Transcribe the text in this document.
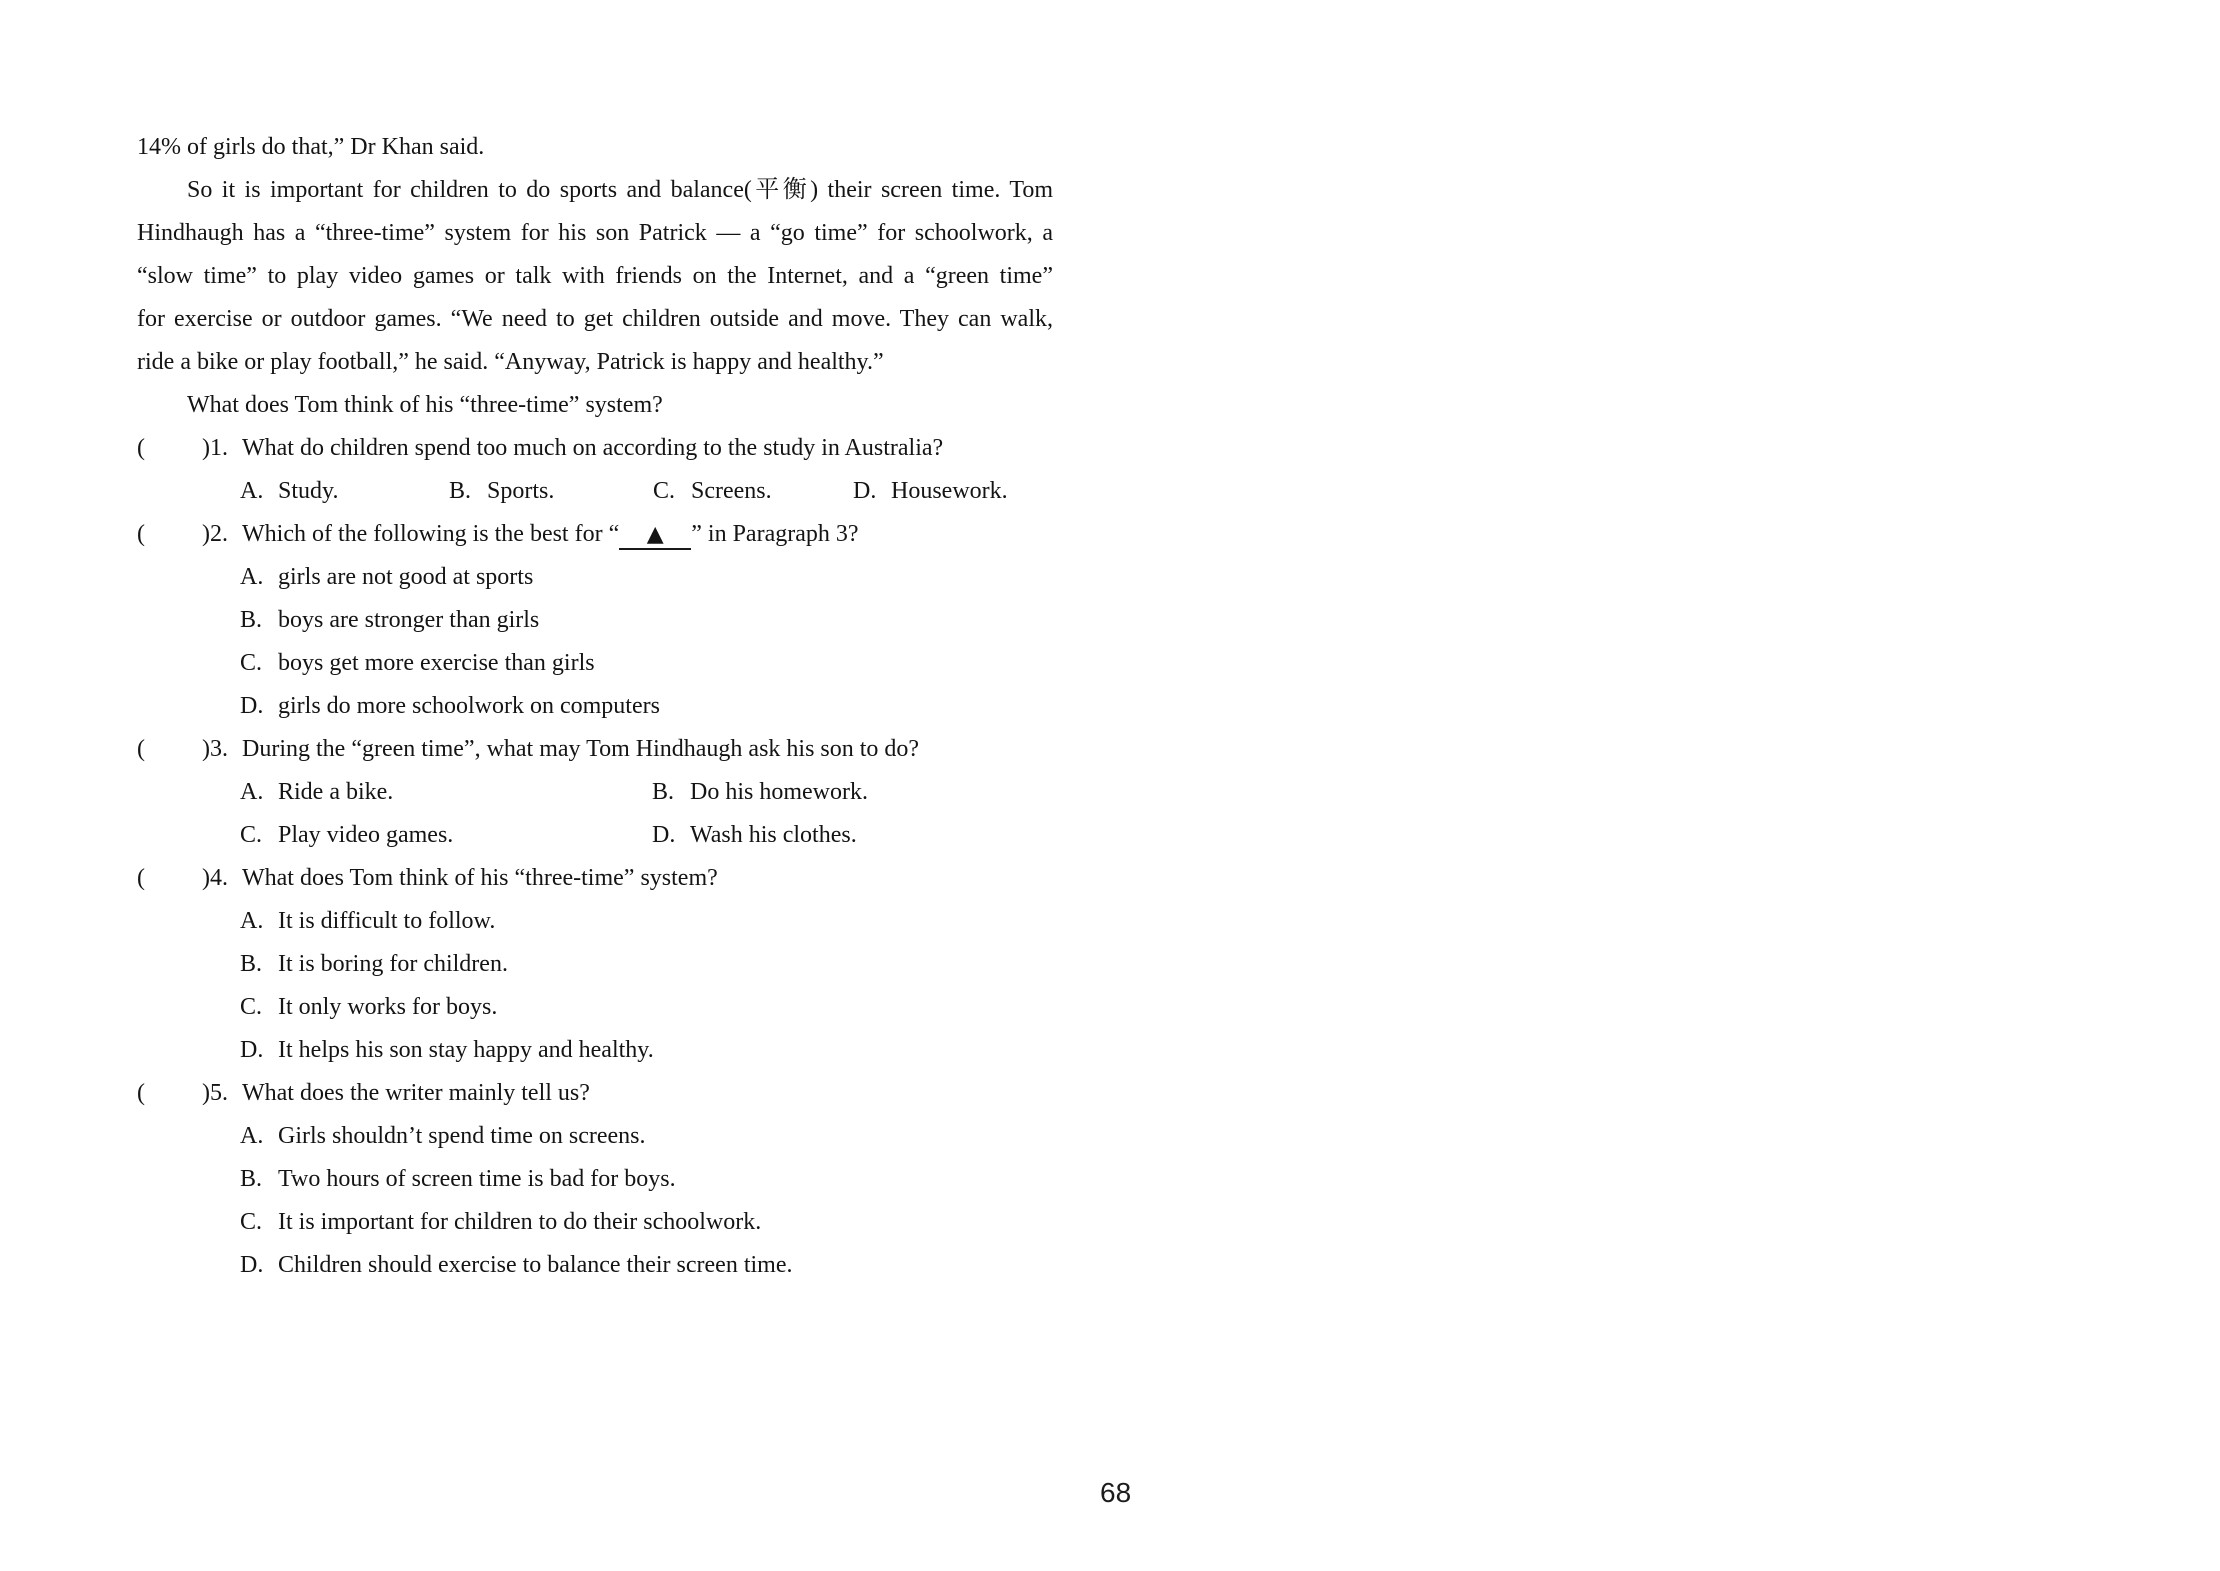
14% of girls do that,” Dr Khan said.
So it is important for children to do sports and balance(平衡) their screen time. Tom
Hindhaugh has a “three-time” system for his son Patrick — a “go time” for schoolwork, a
“slow time” to play video games or talk with friends on the Internet, and a “green time”
for exercise or outdoor games. “We need to get children outside and move. They can walk,
ride a bike or play football,” he said. “Anyway, Patrick is happy and healthy.”
What does Tom think of his “three-time” system?
( )1. What do children spend too much on according to the study in Australia?
A. Study.	B. Sports.	C. Screens.	D. Housework.
( )2. Which of the following is the best for “ ▲ ” in Paragraph 3?
A. girls are not good at sports
B. boys are stronger than girls
C. boys get more exercise than girls
D. girls do more schoolwork on computers
( )3. During the “green time”, what may Tom Hindhaugh ask his son to do?
A. Ride a bike.	B. Do his homework.
C. Play video games.	D. Wash his clothes.
( )4. What does Tom think of his “three-time” system?
A. It is difficult to follow.
B. It is boring for children.
C. It only works for boys.
D. It helps his son stay happy and healthy.
( )5. What does the writer mainly tell us?
A. Girls shouldn’t spend time on screens.
B. Two hours of screen time is bad for boys.
C. It is important for children to do their schoolwork.
D. Children should exercise to balance their screen time.
68
